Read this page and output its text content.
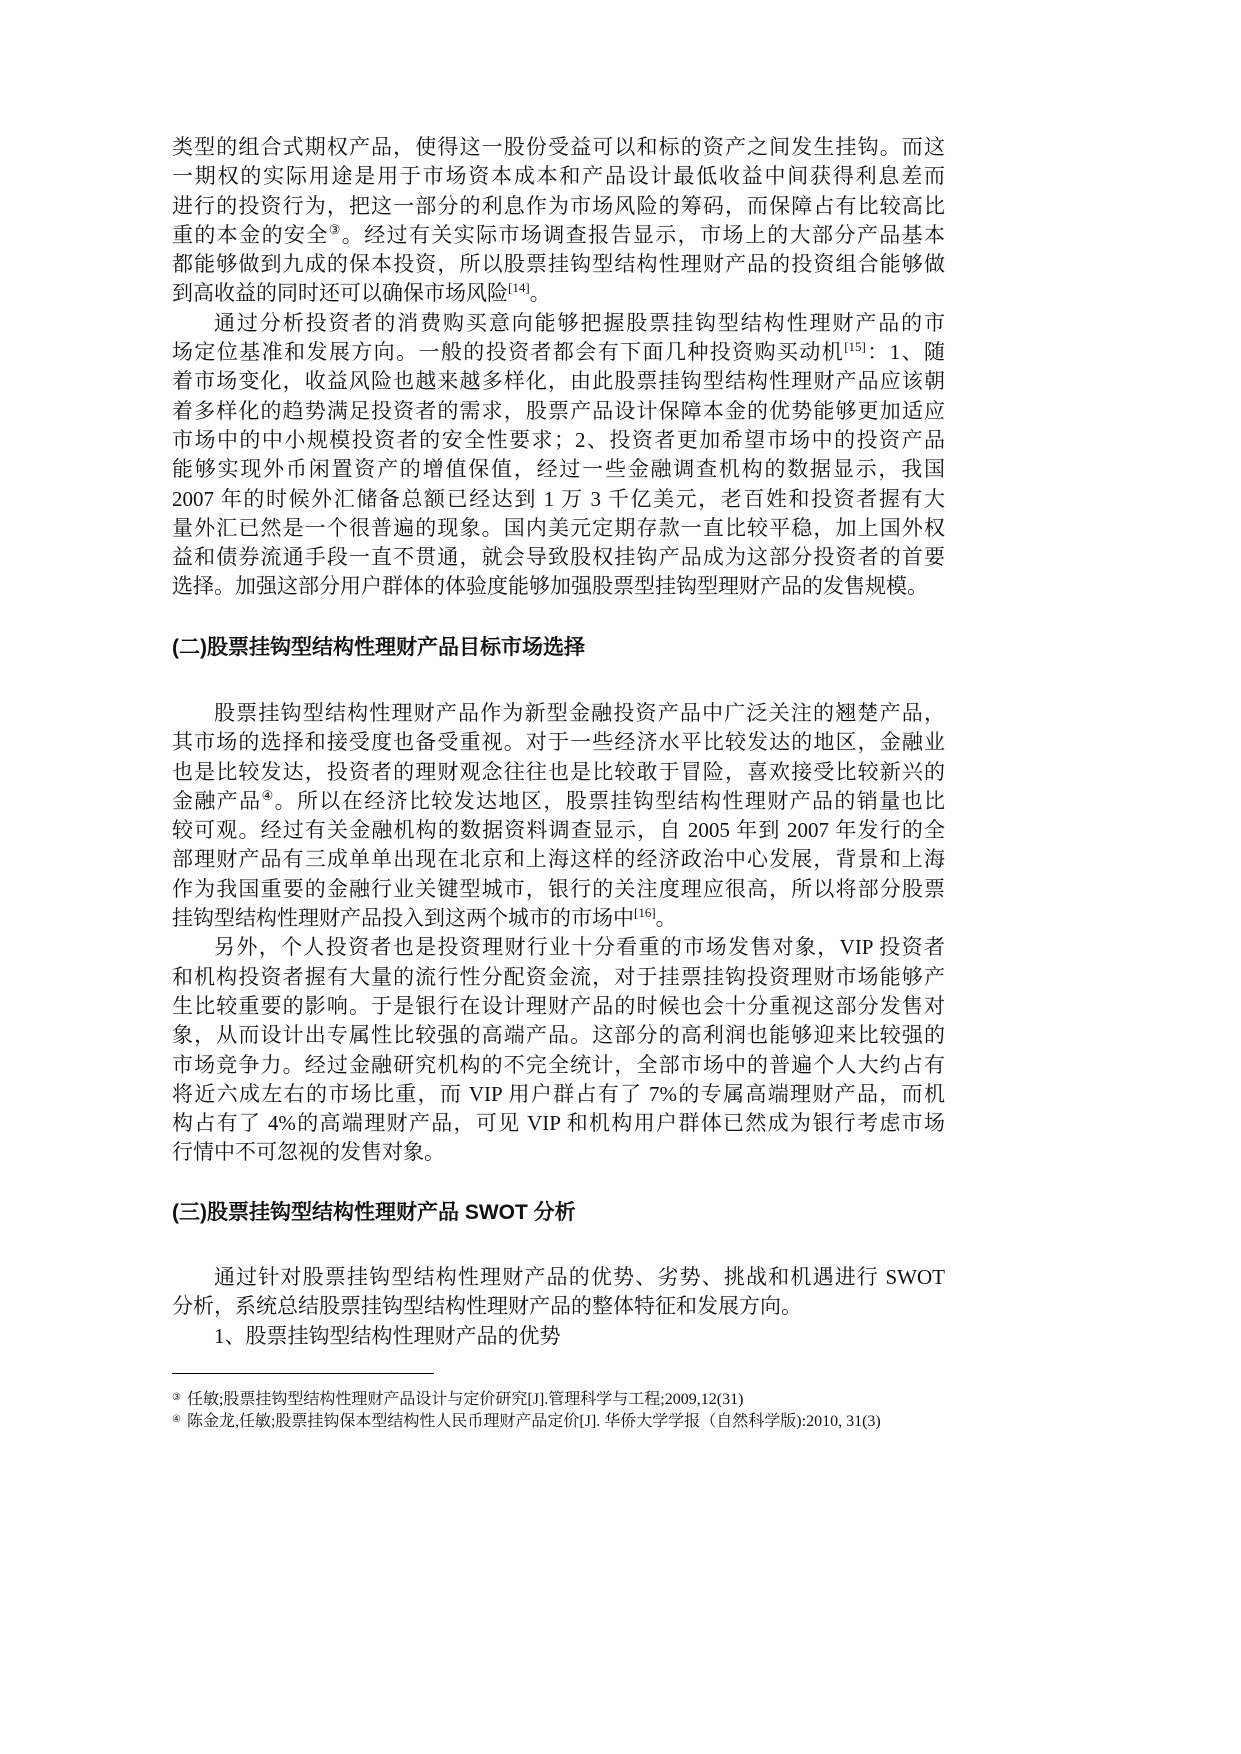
类型的组合式期权产品，使得这一股份受益可以和标的资产之间发生挂钩。而这
一期权的实际用途是用于市场资本成本和产品设计最低收益中间获得利息差而
进行的投资行为，把这一部分的利息作为市场风险的筹码，而保障占有比较高比
重的本金的安全③。经过有关实际市场调查报告显示，市场上的大部分产品基本
都能够做到九成的保本投资，所以股票挂钩型结构性理财产品的投资组合能够做
到高收益的同时还可以确保市场风险[14]。
通过分析投资者的消费购买意向能够把握股票挂钩型结构性理财产品的市
场定位基准和发展方向。一般的投资者都会有下面几种投资购买动机[15]：1、随
着市场变化，收益风险也越来越多样化，由此股票挂钩型结构性理财产品应该朝
着多样化的趋势满足投资者的需求，股票产品设计保障本金的优势能够更加适应
市场中的中小规模投资者的安全性要求；2、投资者更加希望市场中的投资产品
能够实现外币闲置资产的增值保值，经过一些金融调查机构的数据显示，我国
2007 年的时候外汇储备总额已经达到 1 万 3 千亿美元，老百姓和投资者握有大
量外汇已然是一个很普遍的现象。国内美元定期存款一直比较平稳，加上国外权
益和债券流通手段一直不贯通，就会导致股权挂钩产品成为这部分投资者的首要
选择。加强这部分用户群体的体验度能够加强股票型挂钩型理财产品的发售规模。
(二)股票挂钩型结构性理财产品目标市场选择
股票挂钩型结构性理财产品作为新型金融投资产品中广泛关注的翘楚产品，
其市场的选择和接受度也备受重视。对于一些经济水平比较发达的地区，金融业
也是比较发达，投资者的理财观念往往也是比较敢于冒险，喜欢接受比较新兴的
金融产品④。所以在经济比较发达地区，股票挂钩型结构性理财产品的销量也比
较可观。经过有关金融机构的数据资料调查显示，自 2005 年到 2007 年发行的全
部理财产品有三成单单出现在北京和上海这样的经济政治中心发展，背景和上海
作为我国重要的金融行业关键型城市，银行的关注度理应很高，所以将部分股票
挂钩型结构性理财产品投入到这两个城市的市场中[16]。
另外，个人投资者也是投资理财行业十分看重的市场发售对象，VIP 投资者
和机构投资者握有大量的流行性分配资金流，对于挂票挂钩投资理财市场能够产
生比较重要的影响。于是银行在设计理财产品的时候也会十分重视这部分发售对
象，从而设计出专属性比较强的高端产品。这部分的高利润也能够迎来比较强的
市场竞争力。经过金融研究机构的不完全统计，全部市场中的普遍个人大约占有
将近六成左右的市场比重，而 VIP 用户群占有了 7%的专属高端理财产品，而机
构占有了 4%的高端理财产品，可见 VIP 和机构用户群体已然成为银行考虑市场
行情中不可忽视的发售对象。
(三)股票挂钩型结构性理财产品 SWOT 分析
通过针对股票挂钩型结构性理财产品的优势、劣势、挑战和机遇进行 SWOT
分析，系统总结股票挂钩型结构性理财产品的整体特征和发展方向。
1、股票挂钩型结构性理财产品的优势
③ 任敏;股票挂钩型结构性理财产品设计与定价研究[J].管理科学与工程;2009,12(31)
④ 陈金龙,任敏;股票挂钩保本型结构性人民币理财产品定价[J]. 华侨大学学报（自然科学版):2010, 31(3)
